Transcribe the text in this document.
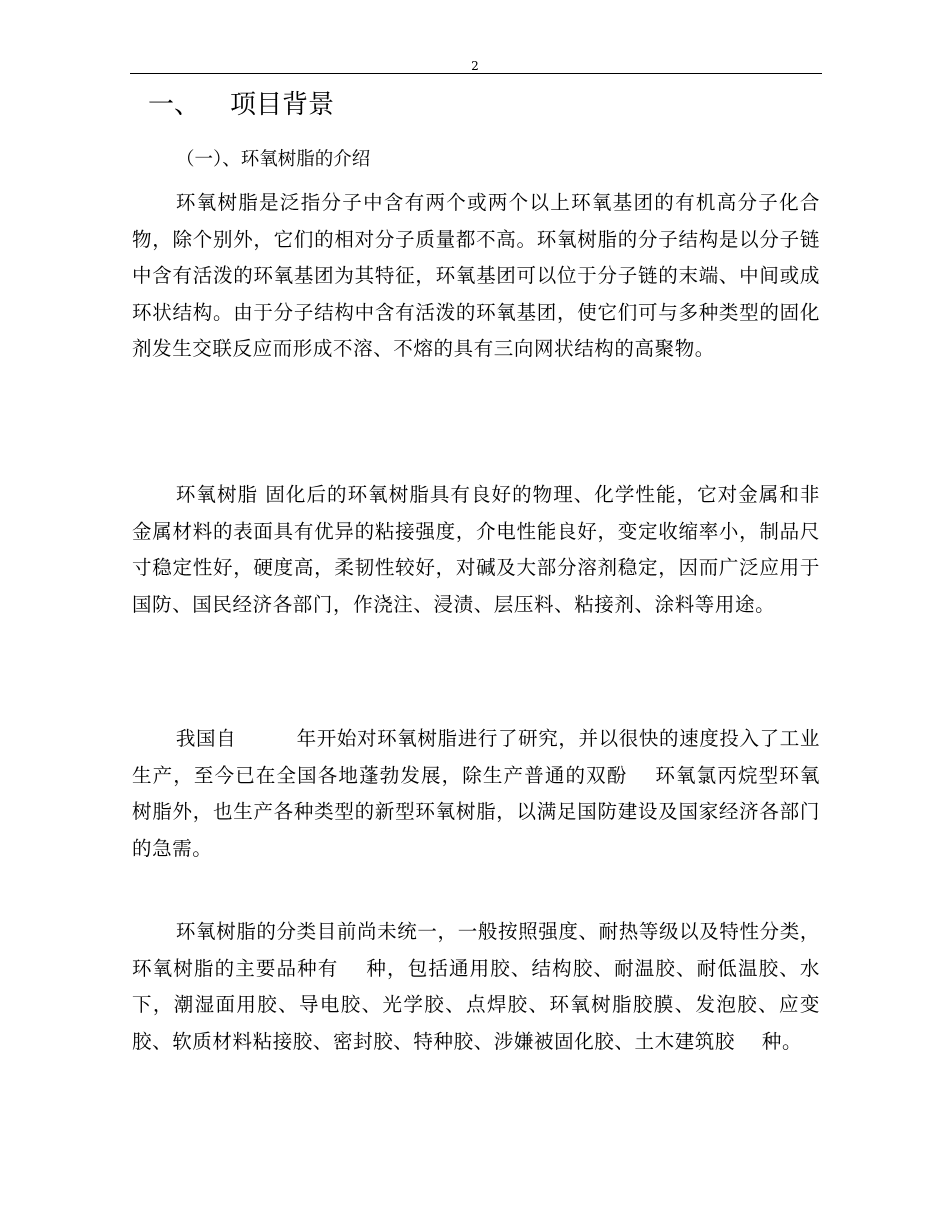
2
一、 项目背景
（一）、环氧树脂的介绍

环氧树脂是泛指分子中含有两个或两个以上环氧基团的有机高分子化合物，除个别外，它们的相对分子质量都不高。环氧树脂的分子结构是以分子链中含有活泼的环氧基团为其特征，环氧基团可以位于分子链的末端、中间或成环状结构。由于分子结构中含有活泼的环氧基团，使它们可与多种类型的固化剂发生交联反应而形成不溶、不熔的具有三向网状结构的高聚物。

环氧树脂 固化后的环氧树脂具有良好的物理、化学性能，它对金属和非金属材料的表面具有优异的粘接强度，介电性能良好，变定收缩率小，制品尺寸稳定性好，硬度高，柔韧性较好，对碱及大部分溶剂稳定，因而广泛应用于国防、国民经济各部门，作浇注、浸渍、层压料、粘接剂、涂料等用途。

我国自　　　年开始对环氧树脂进行了研究，并以很快的速度投入了工业生产，至今已在全国各地蓬勃发展，除生产普通的双酚　 环氧氯丙烷型环氧树脂外，也生产各种类型的新型环氧树脂，以满足国防建设及国家经济各部门的急需。

环氧树脂的分类目前尚未统一，一般按照强度、耐热等级以及特性分类，环氧树脂的主要品种有　 种，包括通用胶、结构胶、耐温胶、耐低温胶、水下，潮湿面用胶、导电胶、光学胶、点焊胶、环氧树脂胶膜、发泡胶、应变胶、软质材料粘接胶、密封胶、特种胶、涉嫌被固化胶、土木建筑胶　 种。
